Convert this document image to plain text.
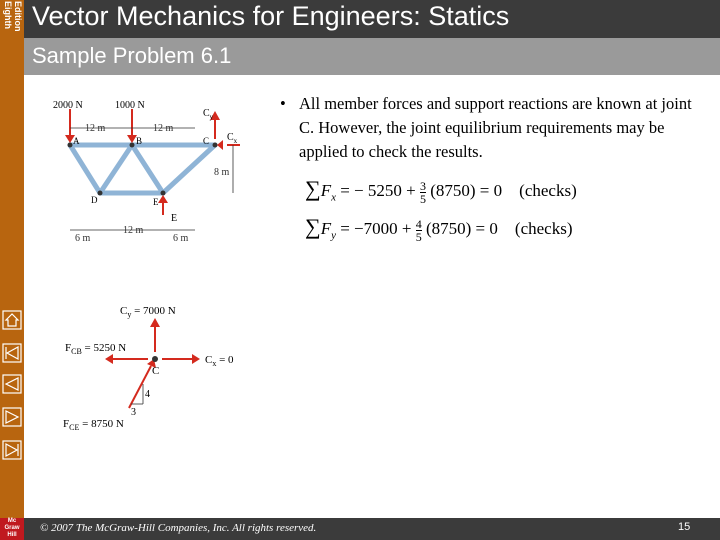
Eighth Edition Vector Mechanics for Engineers: Statics
Sample Problem 6.1
2000 N	1000 N
$C_y$
$C_x$
A	B	C
D	E
E
12 m	12 m
8 m
6 m
12 m
6 m
$C_y = 7000$ N
$F_{CB} = 5250$ N
$C_x = 0$
C
4
3
$F_{CE} = 8750$ N
• All member forces and support reactions are known at joint C. However, the joint equilibrium requirements may be applied to check the results.
$\sum F_x$ = − $5250 + \frac{3}{5} (8750) = 0$ (checks)
$\sum F_y = -7000 + \frac{4}{5} (8750) = 0$ (checks)
Mc
Graw
Hill
© 2007 The McGraw-Hill Companies, Inc. All rights reserved.	15
